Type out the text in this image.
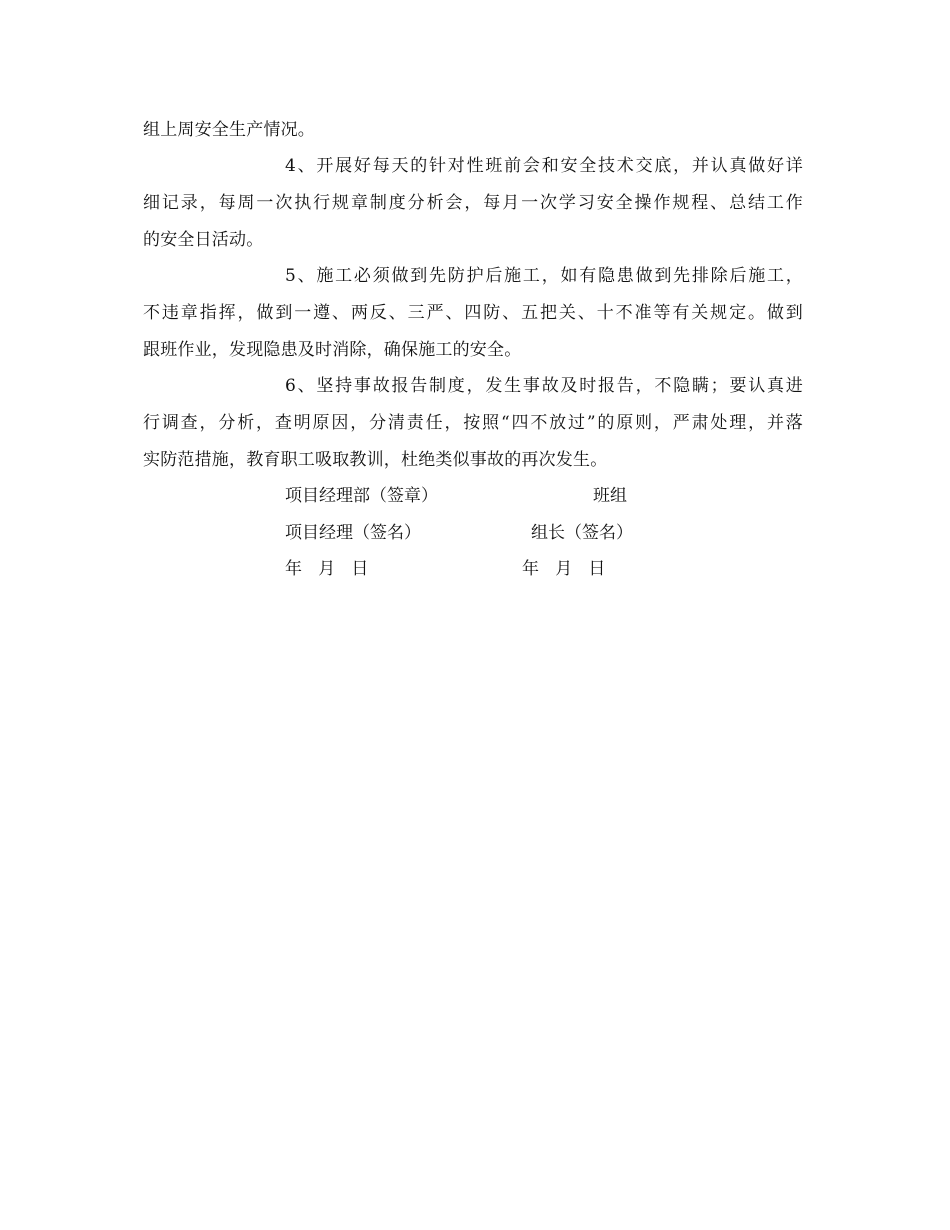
组上周安全生产情况。
4、开展好每天的针对性班前会和安全技术交底，并认真做好详
细记录，每周一次执行规章制度分析会，每月一次学习安全操作规程、总结工作
的安全日活动。
5、施工必须做到先防护后施工，如有隐患做到先排除后施工，
不违章指挥，做到一遵、两反、三严、四防、五把关、十不准等有关规定。做到
跟班作业，发现隐患及时消除，确保施工的安全。
6、坚持事故报告制度，发生事故及时报告，不隐瞒；要认真进
行调查，分析，查明原因，分清责任，按照“四不放过”的原则，严肃处理，并落
实防范措施，教育职工吸取教训，杜绝类似事故的再次发生。
项目经理部（签章）	班组
项目经理（签名）	组长（签名）
年   月   日	年   月   日
